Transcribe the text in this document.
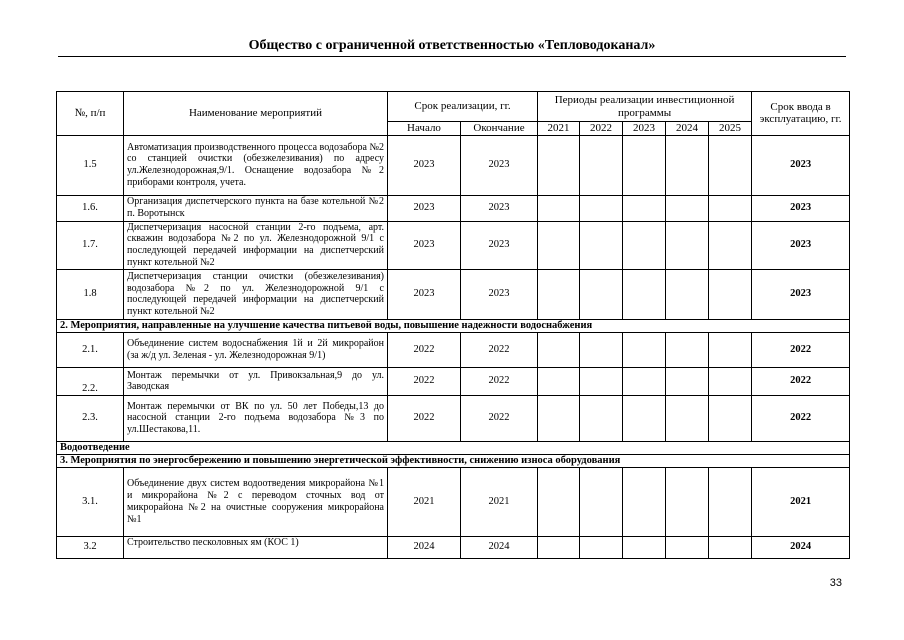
Общество с ограниченной ответственностью «Тепловодоканал»
№, п/п	Наименование мероприятий	Срок реализации, гг.		Периоды реализации инвестиционной программы					Срок ввода в эксплуатацию, гг.
		Начало	Окончание	2021	2022	2023	2024	2025	
1.5	Автоматизация производственного процесса водозабора №2 со станцией очистки (обезжелезивания) по адресу ул.Железнодорожная,9/1. Оснащение водозабора №2 приборами контроля, учета.	2023	2023						2023
1.6.	Организация диспетчерского пункта на базе котельной №2 п. Воротынск	2023	2023						2023
1.7.	Диспетчеризация насосной станции 2-го подъема, арт. скважин водозабора №2 по ул. Железнодорожной 9/1 с последующей передачей информации на диспетчерский пункт котельной №2	2023	2023						2023
1.8	Диспетчеризация станции очистки (обезжелезивания) водозабора №2 по ул. Железнодорожной 9/1 с последующей передачей информации на диспетчерский пункт котельной №2	2023	2023						2023
2. Мероприятия, направленные на улучшение качества питьевой воды, повышение надежности водоснабжения									
2.1.	Объединение систем водоснабжения 1й и 2й микрорайон (за ж/д ул. Зеленая - ул. Железнодорожная 9/1)	2022	2022						2022
2.2.	Монтаж перемычки от ул. Привокзальная,9 до ул. Заводская	2022	2022						2022
2.3.	Монтаж перемычки от ВК по ул. 50 лет Победы,13 до насосной станции 2-го подъема водозабора №3 по ул.Шестакова,11.	2022	2022						2022
Водоотведение									
3. Мероприятия по энергосбережению и повышению энергетической эффективности, снижению износа оборудования									
3.1.	Объединение двух систем водоотведения микрорайона №1 и микрорайона №2 с переводом сточных вод от микрорайона №2 на очистные сооружения микрорайона №1	2021	2021						2021
3.2	Строительство песколовных ям (КОС 1)	2024	2024						2024
33
